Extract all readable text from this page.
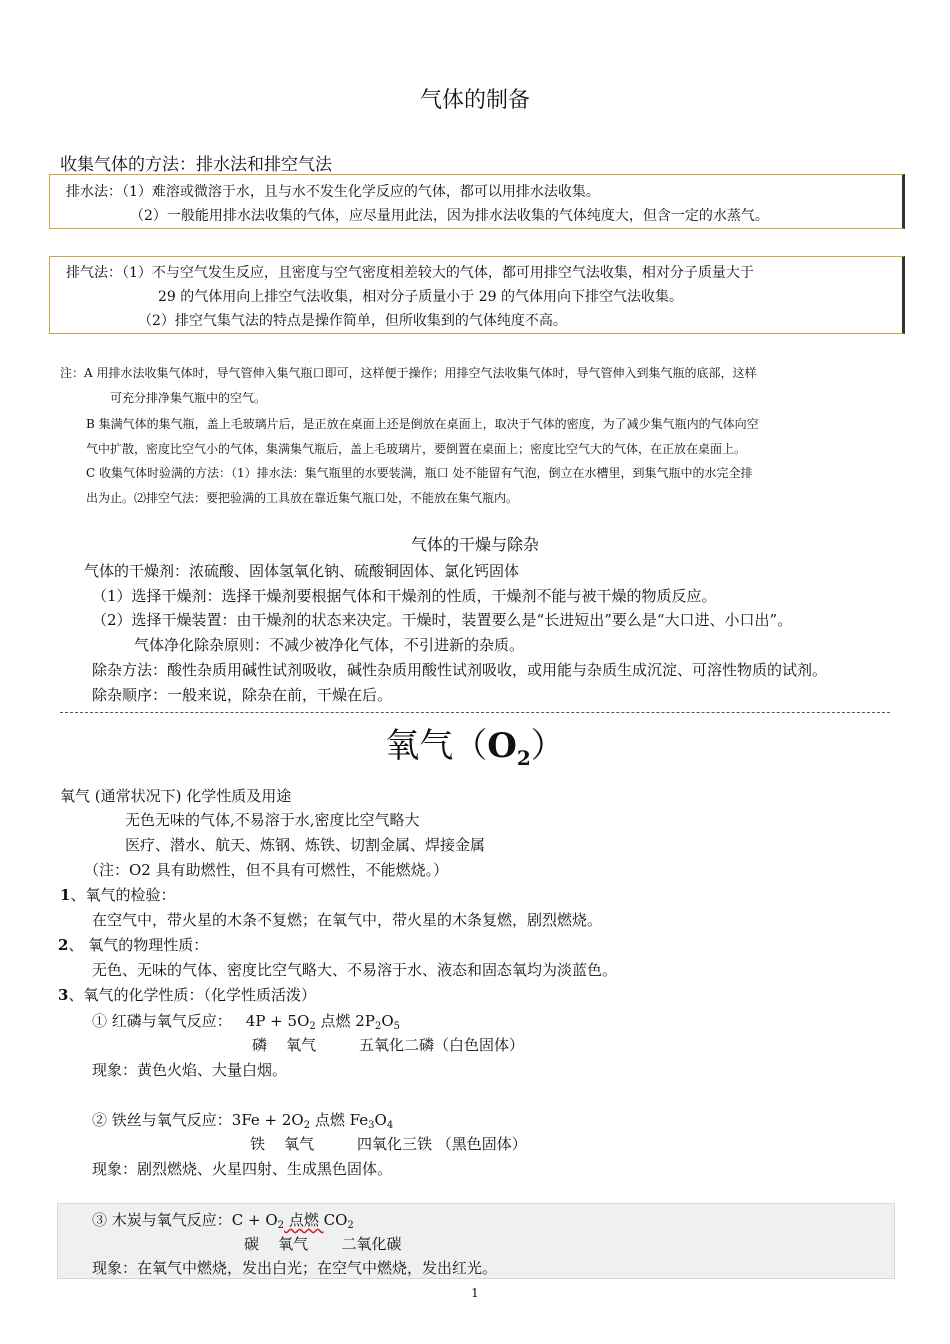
气体的制备
收集气体的方法：排水法和排空气法
排水法：（1）难溶或微溶于水，且与水不发生化学反应的气体，都可以用排水法收集。
（2）一般能用排水法收集的气体，应尽量用此法，因为排水法收集的气体纯度大，但含一定的水蒸气。
排气法：（1）不与空气发生反应，且密度与空气密度相差较大的气体，都可用排空气法收集，相对分子质量大于
29 的气体用向上排空气法收集，相对分子质量小于 29 的气体用向下排空气法收集。
（2）排空气集气法的特点是操作简单，但所收集到的气体纯度不高。
注：A 用排水法收集气体时，导气管伸入集气瓶口即可，这样便于操作；用排空气法收集气体时，导气管伸入到集气瓶的底部，这样
可充分排净集气瓶中的空气。
B 集满气体的集气瓶，盖上毛玻璃片后，是正放在桌面上还是倒放在桌面上，取决于气体的密度，为了减少集气瓶内的气体向空
气中扩散，密度比空气小的气体，集满集气瓶后，盖上毛玻璃片，要倒置在桌面上；密度比空气大的气体，在正放在桌面上。
C 收集气体时验满的方法：（1）排水法：集气瓶里的水要装满，瓶口 处不能留有气泡，倒立在水槽里，到集气瓶中的水完全排
出为止。⑵排空气法：要把验满的工具放在靠近集气瓶口处，不能放在集气瓶内。
气体的干燥与除杂
气体的干燥剂：浓硫酸、固体氢氧化钠、硫酸铜固体、氯化钙固体
（1）选择干燥剂：选择干燥剂要根据气体和干燥剂的性质，干燥剂不能与被干燥的物质反应。
（2）选择干燥装置：由干燥剂的状态来决定。干燥时，装置要么是“长进短出”要么是“大口进、小口出”。
气体净化除杂原则：不减少被净化气体，不引进新的杂质。
除杂方法：酸性杂质用碱性试剂吸收，碱性杂质用酸性试剂吸收，或用能与杂质生成沉淀、可溶性物质的试剂。
除杂顺序：一般来说，除杂在前，干燥在后。
氧气$(O_2)$
氧气 (通常状况下) 化学性质及用途
无色无味的气体,不易溶于水,密度比空气略大
医疗、潜水、航天、炼钢、炼铁、切割金属、焊接金属
（注：O2 具有助燃性，但不具有可燃性，不能燃烧。）
1、氧气的检验：
在空气中，带火星的木条不复燃；在氧气中，带火星的木条复燃，剧烈燃烧。
2、 氧气的物理性质：
无色、无味的气体、密度比空气略大、不易溶于水、液态和固态氧均为淡蓝色。
3、氧气的化学性质：（化学性质活泼）
① 红磷与氧气反应： $4P + 5O_2$ 点燃 $2P_2O_5$
磷    氧气         五氧化二磷（白色固体）
现象：黄色火焰、大量白烟。
② 铁丝与氧气反应：$3Fe + 2O_2$ 点燃 $Fe_3O_4$
铁    氧气         四氧化三铁 （黑色固体）
现象：剧烈燃烧、火星四射、生成黑色固体。
③ 木炭与氧气反应：$C + O_2$ 点燃 $CO_2$
碳    氧气       二氧化碳
现象：在氧气中燃烧，发出白光；在空气中燃烧，发出红光。
1
